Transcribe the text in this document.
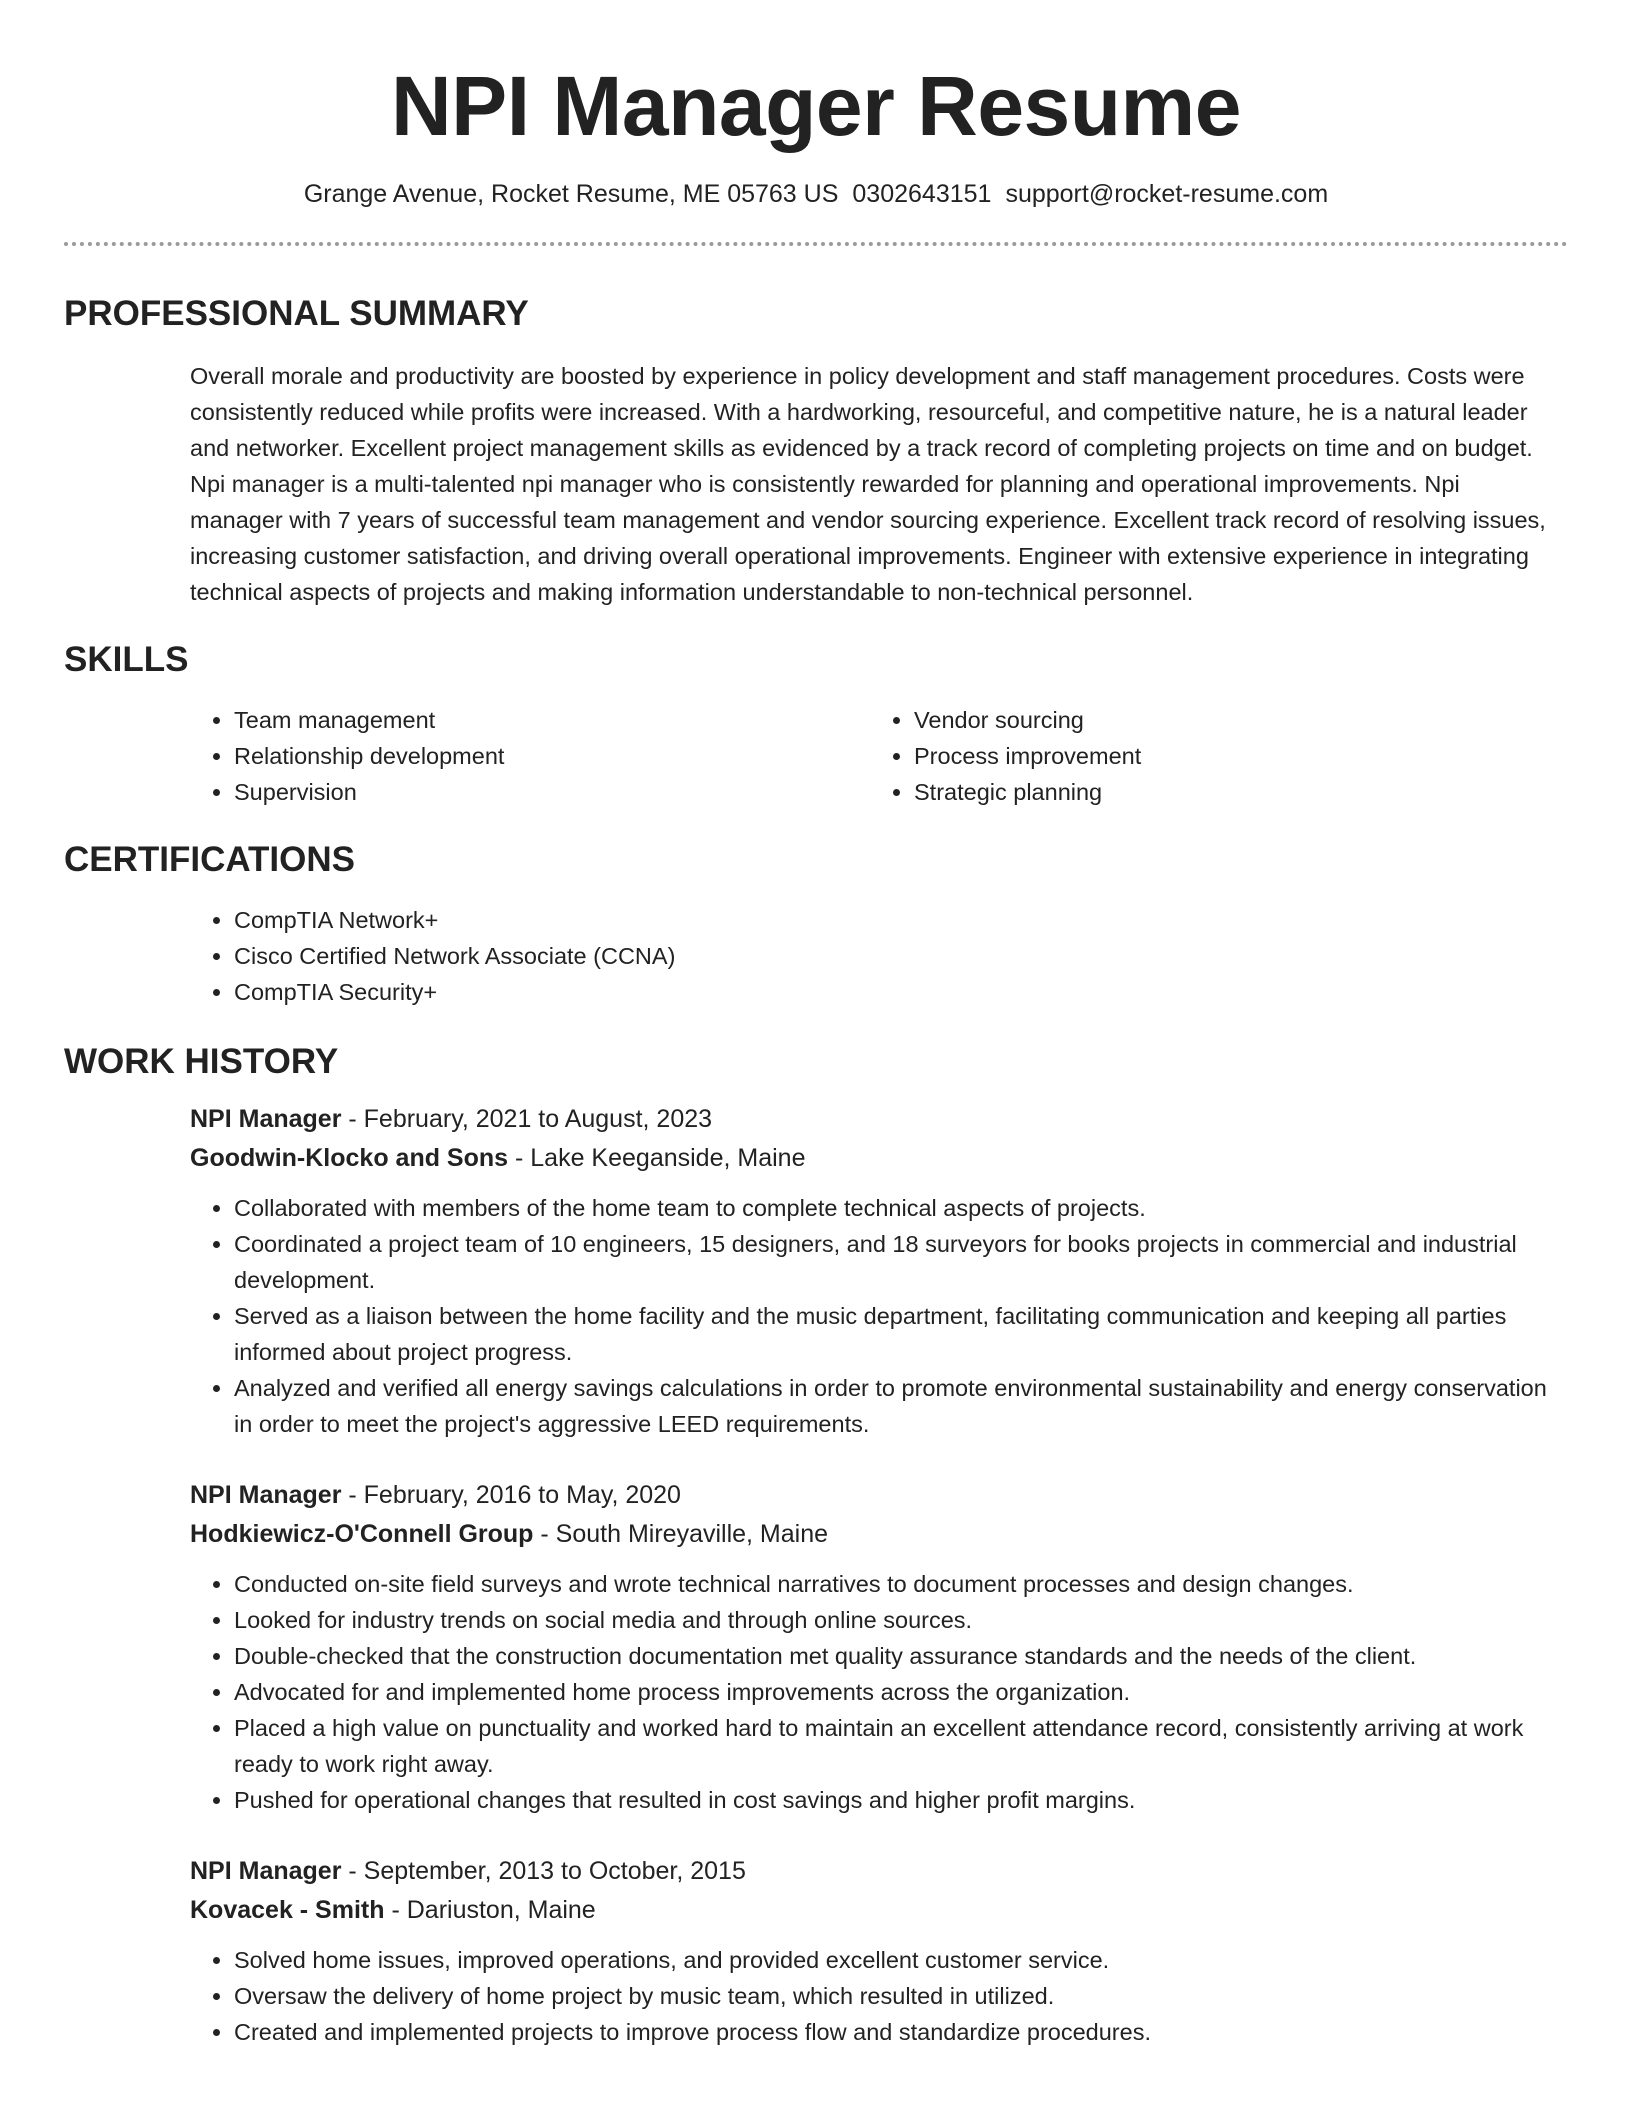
NPI Manager Resume
Grange Avenue, Rocket Resume, ME 05763 US 0302643151 support@rocket-resume.com
PROFESSIONAL SUMMARY
Overall morale and productivity are boosted by experience in policy development and staff management procedures. Costs were consistently reduced while profits were increased. With a hardworking, resourceful, and competitive nature, he is a natural leader and networker. Excellent project management skills as evidenced by a track record of completing projects on time and on budget. Npi manager is a multi-talented npi manager who is consistently rewarded for planning and operational improvements. Npi manager with 7 years of successful team management and vendor sourcing experience. Excellent track record of resolving issues, increasing customer satisfaction, and driving overall operational improvements. Engineer with extensive experience in integrating technical aspects of projects and making information understandable to non-technical personnel.
SKILLS
• Team management
• Relationship development
• Supervision
• Vendor sourcing
• Process improvement
• Strategic planning
CERTIFICATIONS
• CompTIA Network+
• Cisco Certified Network Associate (CCNA)
• CompTIA Security+
WORK HISTORY
NPI Manager - February, 2021 to August, 2023
Goodwin-Klocko and Sons - Lake Keeganside, Maine
• Collaborated with members of the home team to complete technical aspects of projects.
• Coordinated a project team of 10 engineers, 15 designers, and 18 surveyors for books projects in commercial and industrial development.
• Served as a liaison between the home facility and the music department, facilitating communication and keeping all parties informed about project progress.
• Analyzed and verified all energy savings calculations in order to promote environmental sustainability and energy conservation in order to meet the project's aggressive LEED requirements.
NPI Manager - February, 2016 to May, 2020
Hodkiewicz-O'Connell Group - South Mireyaville, Maine
• Conducted on-site field surveys and wrote technical narratives to document processes and design changes.
• Looked for industry trends on social media and through online sources.
• Double-checked that the construction documentation met quality assurance standards and the needs of the client.
• Advocated for and implemented home process improvements across the organization.
• Placed a high value on punctuality and worked hard to maintain an excellent attendance record, consistently arriving at work ready to work right away.
• Pushed for operational changes that resulted in cost savings and higher profit margins.
NPI Manager - September, 2013 to October, 2015
Kovacek - Smith - Dariuston, Maine
• Solved home issues, improved operations, and provided excellent customer service.
• Oversaw the delivery of home project by music team, which resulted in utilized.
• Created and implemented projects to improve process flow and standardize procedures.
